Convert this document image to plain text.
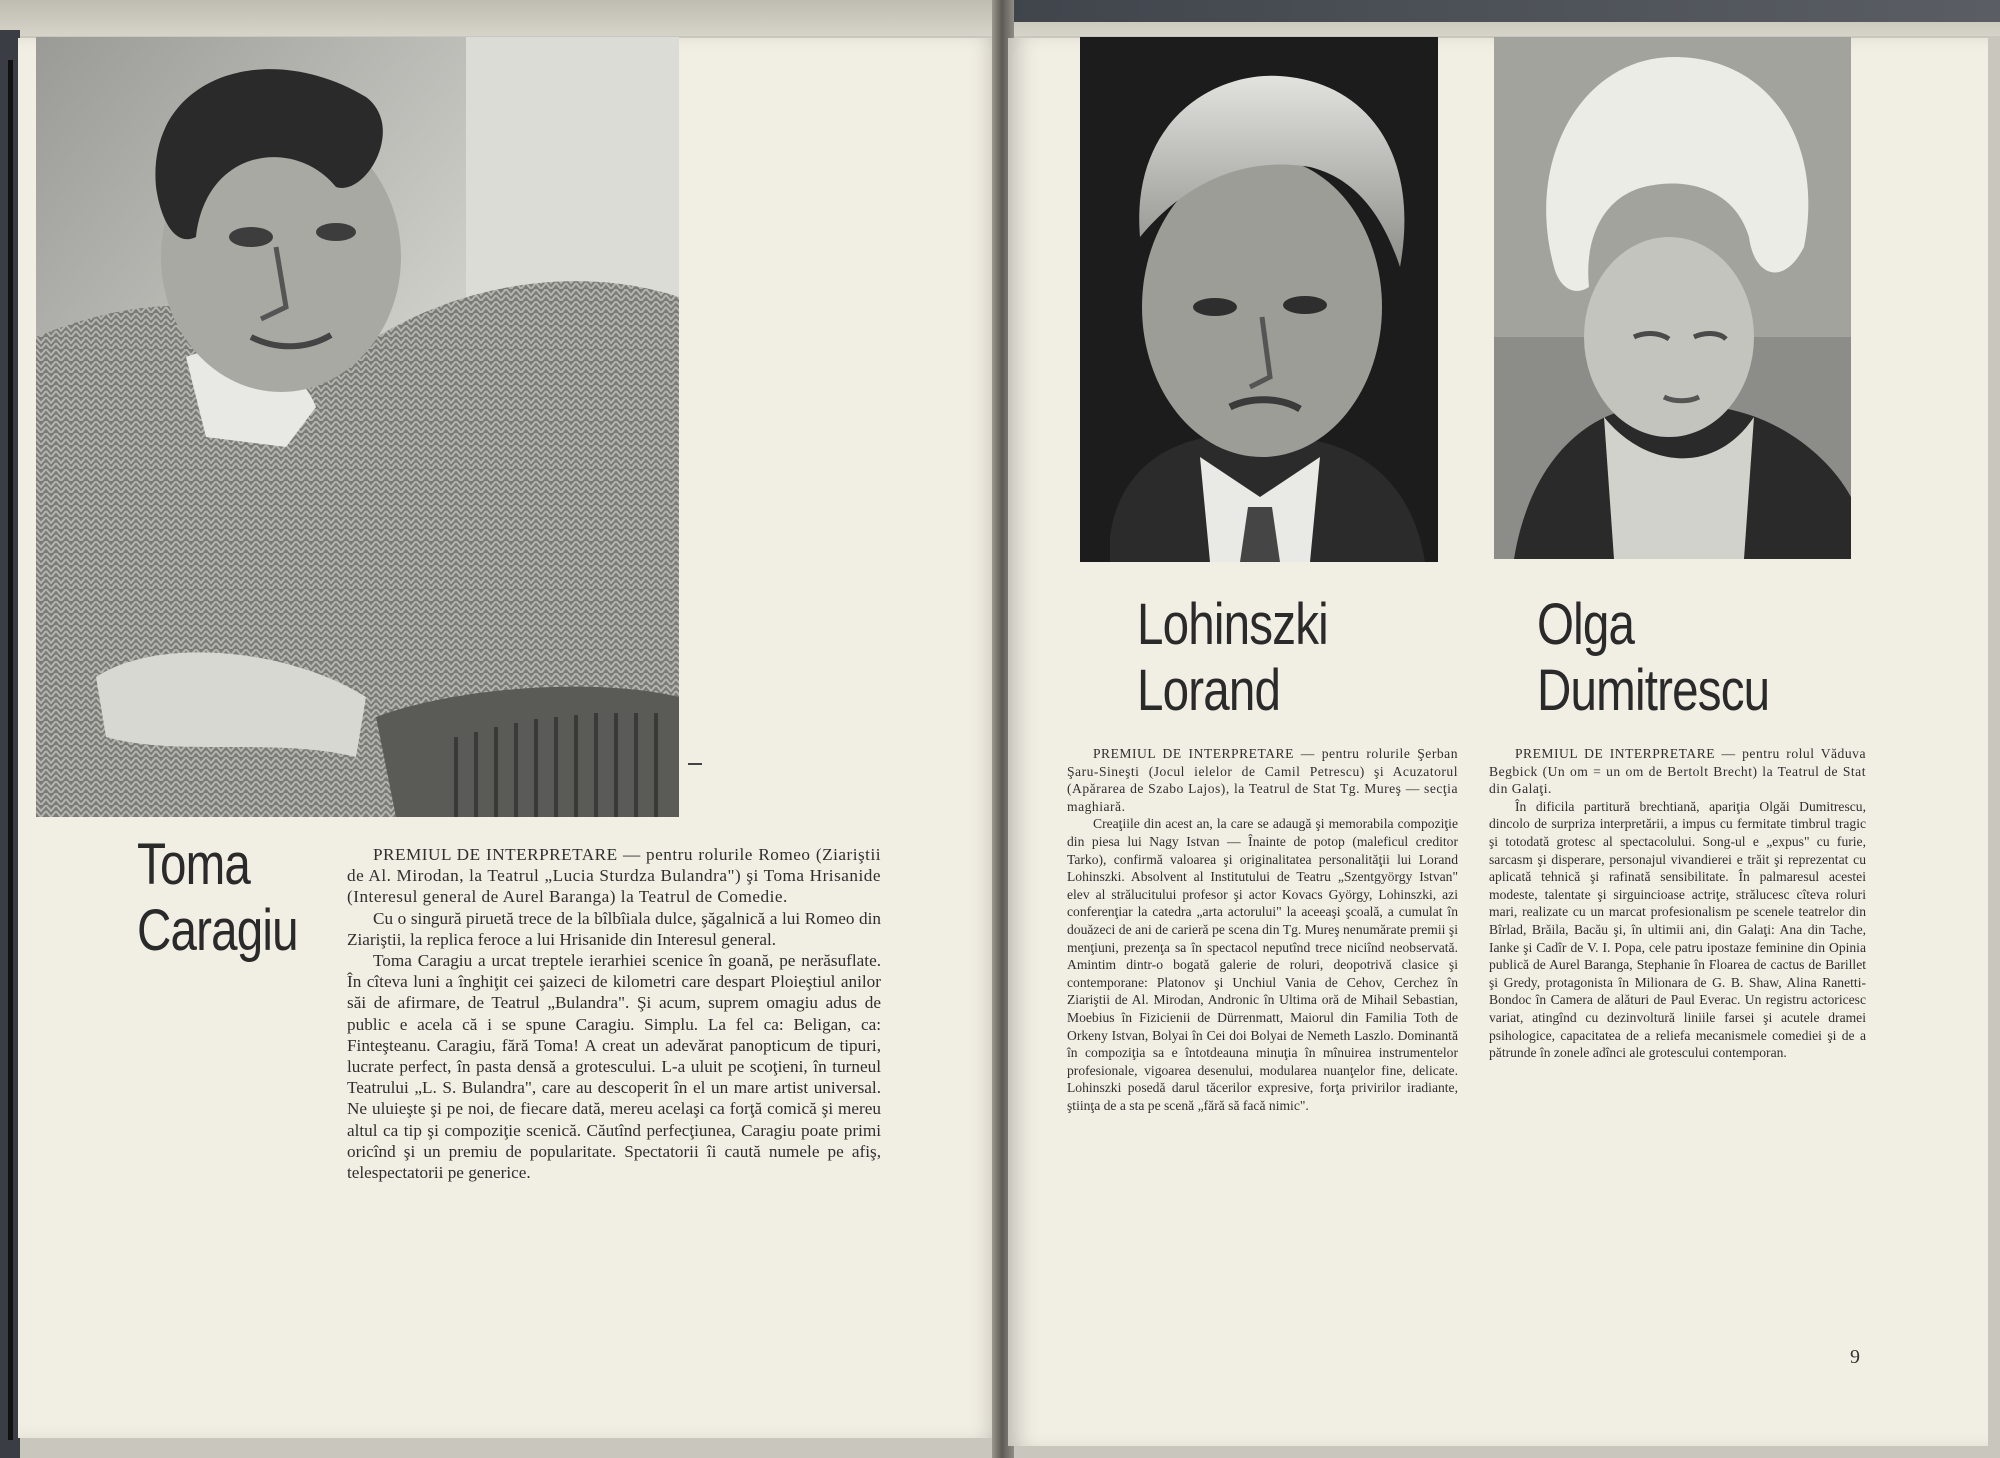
Toma
Caragiu

PREMIUL DE INTERPRETARE — pentru rolurile Romeo (Ziariştii de Al. Mirodan, la Teatrul „Lucia Sturdza Bulandra") şi Toma Hrisanide (Interesul general de Aurel Baranga) la Teatrul de Comedie.

Cu o singură piruetă trece de la bîlbîiala dulce, şăgalnică a lui Romeo din Ziariştii, la replica feroce a lui Hrisanide din Interesul general.

Toma Caragiu a urcat treptele ierarhiei scenice în goană, pe nerăsuflate. În cîteva luni a înghiţit cei şaizeci de kilometri care despart Ploieştiul anilor săi de afirmare, de Teatrul „Bulandra". Şi acum, suprem omagiu adus de public e acela că i se spune Caragiu. Simplu. La fel ca: Beligan, ca: Finteşteanu. Caragiu, fără Toma! A creat un adevărat panopticum de tipuri, lucrate perfect, în pasta densă a grotescului. L-a uluit pe scoţieni, în turneul Teatrului „L. S. Bulandra", care au descoperit în el un mare artist universal. Ne uluieşte şi pe noi, de fiecare dată, mereu acelaşi ca forţă comică şi mereu altul ca tip şi compoziţie scenică. Căutînd perfecţiunea, Caragiu poate primi oricînd şi un premiu de popularitate. Spectatorii îi caută numele pe afiş, telespectatorii pe generice.

Lohinszki
Lorand
Olga
Dumitrescu

PREMIUL DE INTERPRETARE — pentru rolurile Şerban Şaru-Sineşti (Jocul ielelor de Camil Petrescu) şi Acuzatorul (Apărarea de Szabo Lajos), la Teatrul de Stat Tg. Mureş — secţia maghiară.

Creaţiile din acest an, la care se adaugă şi memorabila compoziţie din piesa lui Nagy Istvan — Înainte de potop (maleficul creditor Tarko), confirmă valoarea şi originalitatea personalităţii lui Lorand Lohinszki. Absolvent al Institutului de Teatru „Szentgyörgy Istvan" elev al strălucitului profesor şi actor Kovacs György, Lohinszki, azi conferenţiar la catedra „arta actorului" la aceeaşi şcoală, a cumulat în douăzeci de ani de carieră pe scena din Tg. Mureş nenumărate premii şi menţiuni, prezenţa sa în spectacol neputînd trece niciînd neobservată. Amintim dintr-o bogată galerie de roluri, deopotrivă clasice şi contemporane: Platonov şi Unchiul Vania de Cehov, Cerchez în Ziariştii de Al. Mirodan, Andronic în Ultima oră de Mihail Sebastian, Moebius în Fizicienii de Dürrenmatt, Maiorul din Familia Toth de Orkeny Istvan, Bolyai în Cei doi Bolyai de Nemeth Laszlo. Dominantă în compoziţia sa e întotdeauna minuţia în mînuirea instrumentelor profesionale, vigoarea desenului, modularea nuanţelor fine, delicate. Lohinszki posedă darul tăcerilor expresive, forţa privirilor iradiante, ştiinţa de a sta pe scenă „fără să facă nimic".

PREMIUL DE INTERPRETARE — pentru rolul Văduva Begbick (Un om = un om de Bertolt Brecht) la Teatrul de Stat din Galaţi.

În dificila partitură brechtiană, apariţia Olgăi Dumitrescu, dincolo de surpriza interpretării, a impus cu fermitate timbrul tragic şi totodată grotesc al spectacolului. Song-ul e „expus" cu furie, sarcasm şi disperare, personajul vivandierei e trăit şi reprezentat cu aplicată tehnică şi rafinată sensibilitate. În palmaresul acestei modeste, talentate şi sirguincioase actriţe, strălucesc cîteva roluri mari, realizate cu un marcat profesionalism pe scenele teatrelor din Bîrlad, Brăila, Bacău şi, în ultimii ani, din Galaţi: Ana din Tache, Ianke şi Cadîr de V. I. Popa, cele patru ipostaze feminine din Opinia publică de Aurel Baranga, Stephanie în Floarea de cactus de Barillet şi Gredy, protagonista în Milionara de G. B. Shaw, Alina Ranetti-Bondoc în Camera de alături de Paul Everac. Un registru actoricesc variat, atingînd cu dezinvoltură liniile farsei şi acutele dramei psihologice, capacitatea de a reliefa mecanismele comediei şi de a pătrunde în zonele adînci ale grotescului contemporan.

9
